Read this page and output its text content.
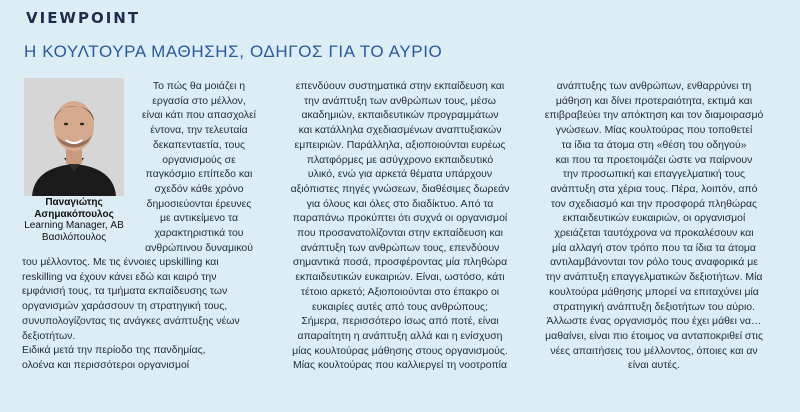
VIEWPOINT
Η ΚΟΥΛΤΟΥΡΑ ΜΑΘΗΣΗΣ, ΟΔΗΓΟΣ ΓΙΑ ΤΟ ΑΥΡΙΟ
Παναγιώτης Ασημακόπουλος
Learning Manager, ΑΒ Βασιλόπουλος
Το πώς θα μοιάζει η
εργασία στο μέλλον,
είναι κάτι που απασχολεί
έντονα, την τελευταία
δεκαπενταετία, τους
οργανισμούς σε
παγκόσμιο επίπεδο και
σχεδόν κάθε χρόνο
δημοσιεύονται έρευνες
με αντικείμενο τα
χαρακτηριστικά του
ανθρώπινου δυναμικού
του μέλλοντος. Με τις έννοιες upskilling και
reskilling να έχουν κάνει εδώ και καιρό την
εμφάνισή τους, τα τμήματα εκπαίδευσης των
οργανισμών χαράσσουν τη στρατηγική τους,
συνυπολογίζοντας τις ανάγκες ανάπτυξης νέων
δεξιοτήτων.
Ειδικά μετά την περίοδο της πανδημίας,
ολοένα και περισσότεροι οργανισμοί
επενδύουν συστηματικά στην εκπαίδευση και
την ανάπτυξη των ανθρώπων τους, μέσω
ακαδημιών, εκπαιδευτικών προγραμμάτων
και κατάλληλα σχεδιασμένων αναπτυξιακών
εμπειριών. Παράλληλα, αξιοποιούνται ευρέως
πλατφόρμες με ασύγχρονο εκπαιδευτικό
υλικό, ενώ για αρκετά θέματα υπάρχουν
αξιόπιστες πηγές γνώσεων, διαθέσιμες δωρεάν
για όλους και όλες στο διαδίκτυο. Από τα
παραπάνω προκύπτει ότι συχνά οι οργανισμοί
που προσανατολίζονται στην εκπαίδευση και
ανάπτυξη των ανθρώπων τους, επενδύουν
σημαντικά ποσά, προσφέροντας μία πληθώρα
εκπαιδευτικών ευκαιριών. Είναι, ωστόσο, κάτι
τέτοιο αρκετό; Αξιοποιούνται στο έπακρο οι
ευκαιρίες αυτές από τους ανθρώπους;
Σήμερα, περισσότερο ίσως από ποτέ, είναι
απαραίτητη η ανάπτυξη αλλά και η ενίσχυση
μίας κουλτούρας μάθησης στους οργανισμούς.
Μίας κουλτούρας που καλλιεργεί τη νοοτροπία
ανάπτυξης των ανθρώπων, ενθαρρύνει τη
μάθηση και δίνει προτεραιότητα, εκτιμά και
επιβραβεύει την απόκτηση και τον διαμοιρασμό
γνώσεων. Μίας κουλτούρας που τοποθετεί
τα ίδια τα άτομα στη «θέση του οδηγού»
και που τα προετοιμάζει ώστε να παίρνουν
την προσωπική και επαγγελματική τους
ανάπτυξη στα χέρια τους. Πέρα, λοιπόν, από
τον σχεδιασμό και την προσφορά πληθώρας
εκπαιδευτικών ευκαιριών, οι οργανισμοί
χρειάζεται ταυτόχρονα να προκαλέσουν και
μία αλλαγή στον τρόπο που τα ίδια τα άτομα
αντιλαμβάνονται τον ρόλο τους αναφορικά με
την ανάπτυξη επαγγελματικών δεξιοτήτων. Μία
κουλτούρα μάθησης μπορεί να επιταχύνει μία
στρατηγική ανάπτυξη δεξιοτήτων του αύριο.
Άλλωστε ένας οργανισμός που έχει μάθει να…
μαθαίνει, είναι πιο έτοιμος να ανταποκριθεί στις
νέες απαιτήσεις του μέλλοντος, όποιες και αν
είναι αυτές.
